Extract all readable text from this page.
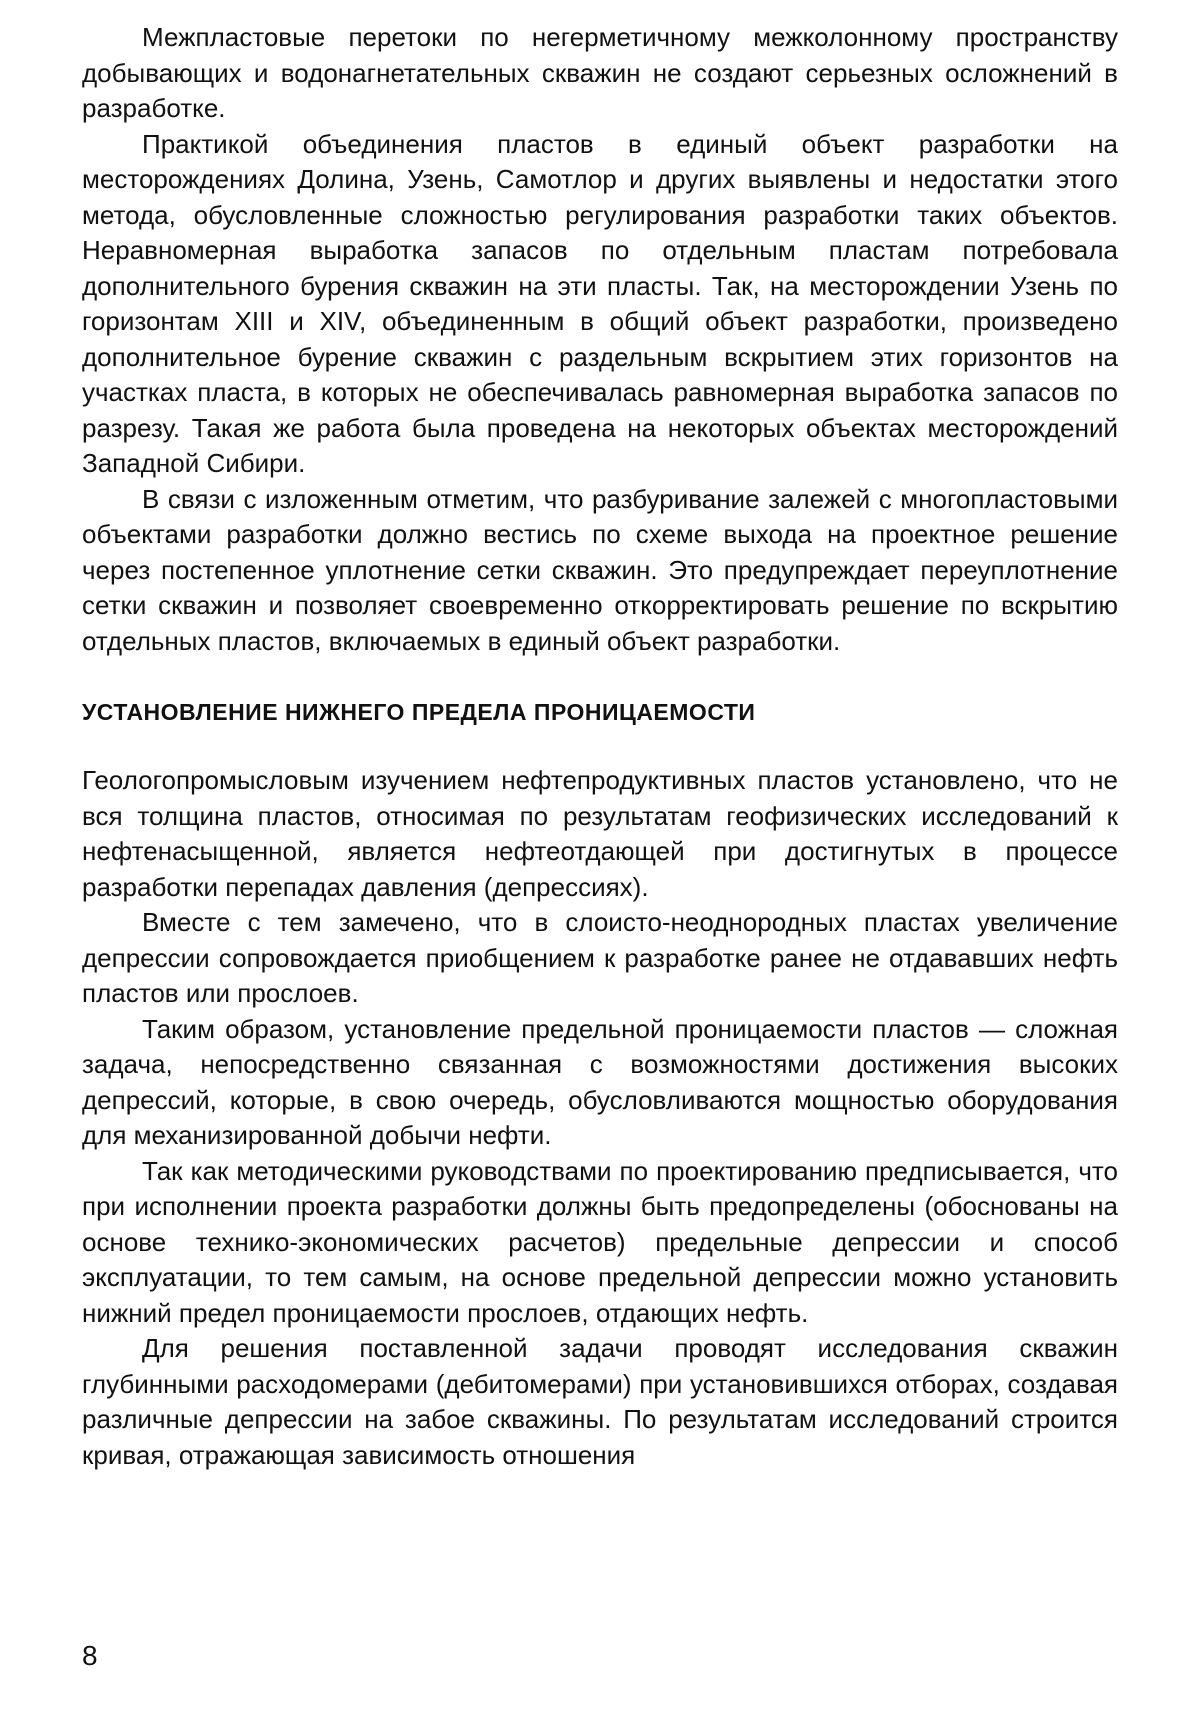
Межпластовые перетоки по негерметичному межколонному пространству добывающих и водонагнетательных скважин не создают серьезных осложнений в разработке.

Практикой объединения пластов в единый объект разработки на месторождениях Долина, Узень, Самотлор и других выявлены и недостатки этого метода, обусловленные сложностью регулирования разработки таких объектов. Неравномерная выработка запасов по отдельным пластам потребовала дополнительного бурения скважин на эти пласты. Так, на месторождении Узень по горизонтам XIII и XIV, объединенным в общий объект разработки, произведено дополнительное бурение скважин с раздельным вскрытием этих горизонтов на участках пласта, в которых не обеспечивалась равномерная выработка запасов по разрезу. Такая же работа была проведена на некоторых объектах месторождений Западной Сибири.

В связи с изложенным отметим, что разбуривание залежей с многопластовыми объектами разработки должно вестись по схеме выхода на проектное решение через постепенное уплотнение сетки скважин. Это предупреждает переуплотнение сетки скважин и позволяет своевременно откорректировать решение по вскрытию отдельных пластов, включаемых в единый объект разработки.

УСТАНОВЛЕНИЕ НИЖНЕГО ПРЕДЕЛА ПРОНИЦАЕМОСТИ

Геологопромысловым изучением нефтепродуктивных пластов установлено, что не вся толщина пластов, относимая по результатам геофизических исследований к нефтенасыщенной, является нефтеотдающей при достигнутых в процессе разработки перепадах давления (депрессиях).

Вместе с тем замечено, что в слоисто-неоднородных пластах увеличение депрессии сопровождается приобщением к разработке ранее не отдававших нефть пластов или прослоев.

Таким образом, установление предельной проницаемости пластов — сложная задача, непосредственно связанная с возможностями достижения высоких депрессий, которые, в свою очередь, обусловливаются мощностью оборудования для механизированной добычи нефти.

Так как методическими руководствами по проектированию предписывается, что при исполнении проекта разработки должны быть предопределены (обоснованы на основе технико-экономических расчетов) предельные депрессии и способ эксплуатации, то тем самым, на основе предельной депрессии можно установить нижний предел проницаемости прослоев, отдающих нефть.

Для решения поставленной задачи проводят исследования скважин глубинными расходомерами (дебитомерами) при установившихся отборах, создавая различные депрессии на забое скважины. По результатам исследований строится кривая, отражающая зависимость отношения

8
